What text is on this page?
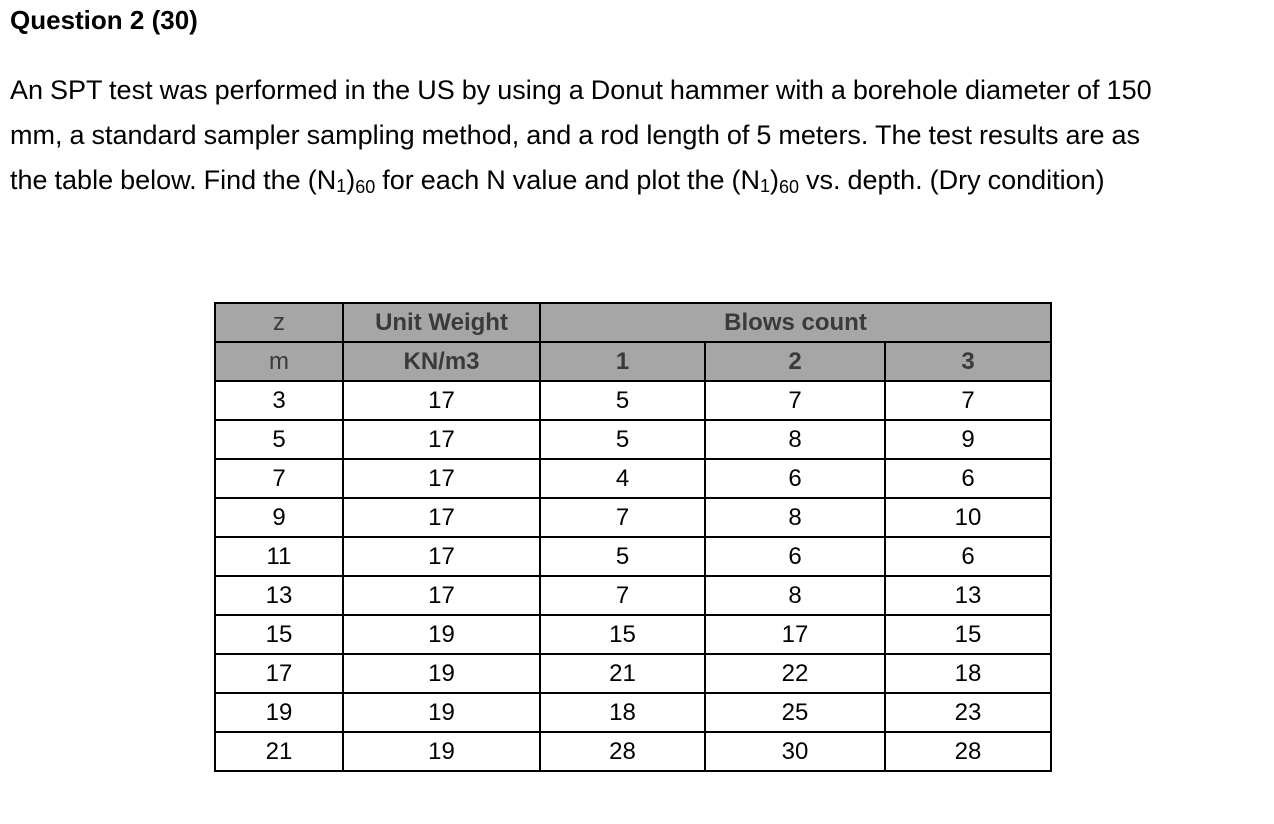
Question 2 (30)

An SPT test was performed in the US by using a Donut hammer with a borehole diameter of 150

mm, a standard sampler sampling method, and a rod length of 5 meters. The test results are as

the table below. Find the (N1)60 for each N value and plot the (N1)60 vs. depth. (Dry condition)

z	Unit Weight	Blows count		
m	KN/m3	1	2	3
3	17	5	7	7
5	17	5	8	9
7	17	4	6	6
9	17	7	8	10
11	17	5	6	6
13	17	7	8	13
15	19	15	17	15
17	19	21	22	18
19	19	18	25	23
21	19	28	30	28
